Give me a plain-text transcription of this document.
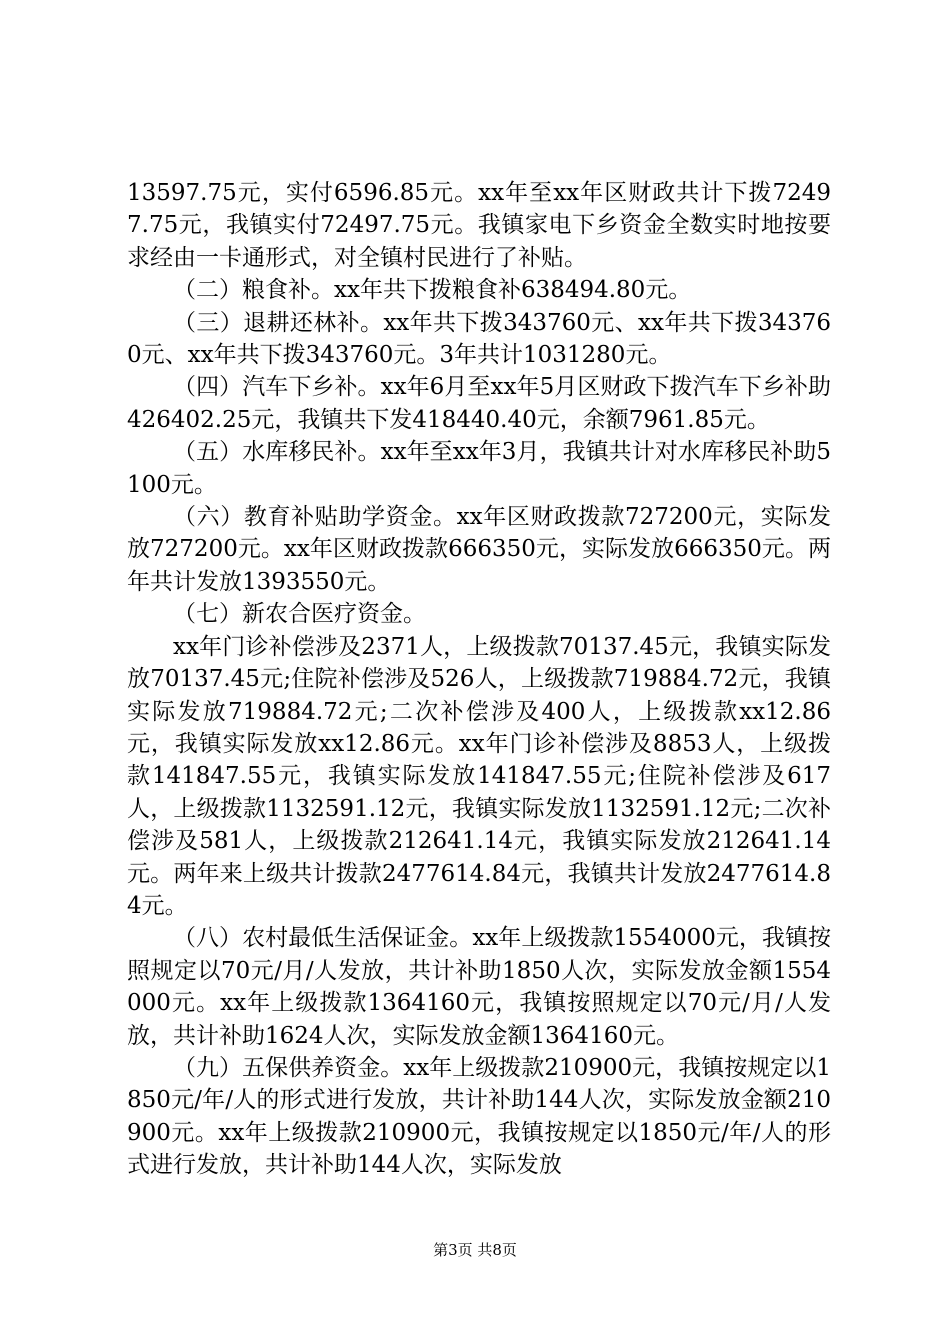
13597.75元，实付6596.85元。xx年至xx年区财政共计下拨72497.75元，我镇实付72497.75元。我镇家电下乡资金全数实时地按要求经由一卡通形式，对全镇村民进行了补贴。

（二）粮食补。xx年共下拨粮食补638494.80元。

（三）退耕还林补。xx年共下拨343760元、xx年共下拨343760元、xx年共下拨343760元。3年共计1031280元。

（四）汽车下乡补。xx年6月至xx年5月区财政下拨汽车下乡补助426402.25元，我镇共下发418440.40元，余额7961.85元。

（五）水库移民补。xx年至xx年3月，我镇共计对水库移民补助5100元。

（六）教育补贴助学资金。xx年区财政拨款727200元，实际发放727200元。xx年区财政拨款666350元，实际发放666350元。两年共计发放1393550元。

（七）新农合医疗资金。

xx年门诊补偿涉及2371人，上级拨款70137.45元，我镇实际发放70137.45元;住院补偿涉及526人，上级拨款719884.72元，我镇实际发放719884.72元;二次补偿涉及400人，上级拨款xx12.86元，我镇实际发放xx12.86元。xx年门诊补偿涉及8853人，上级拨款141847.55元，我镇实际发放141847.55元;住院补偿涉及617人，上级拨款1132591.12元，我镇实际发放1132591.12元;二次补偿涉及581人，上级拨款212641.14元，我镇实际发放212641.14元。两年来上级共计拨款2477614.84元，我镇共计发放2477614.84元。

（八）农村最低生活保证金。xx年上级拨款1554000元，我镇按照规定以70元/月/人发放，共计补助1850人次，实际发放金额1554000元。xx年上级拨款1364160元，我镇按照规定以70元/月/人发放，共计补助1624人次，实际发放金额1364160元。

（九）五保供养资金。xx年上级拨款210900元，我镇按规定以1850元/年/人的形式进行发放，共计补助144人次，实际发放金额210900元。xx年上级拨款210900元，我镇按规定以1850元/年/人的形式进行发放，共计补助144人次，实际发放

第3页 共8页
